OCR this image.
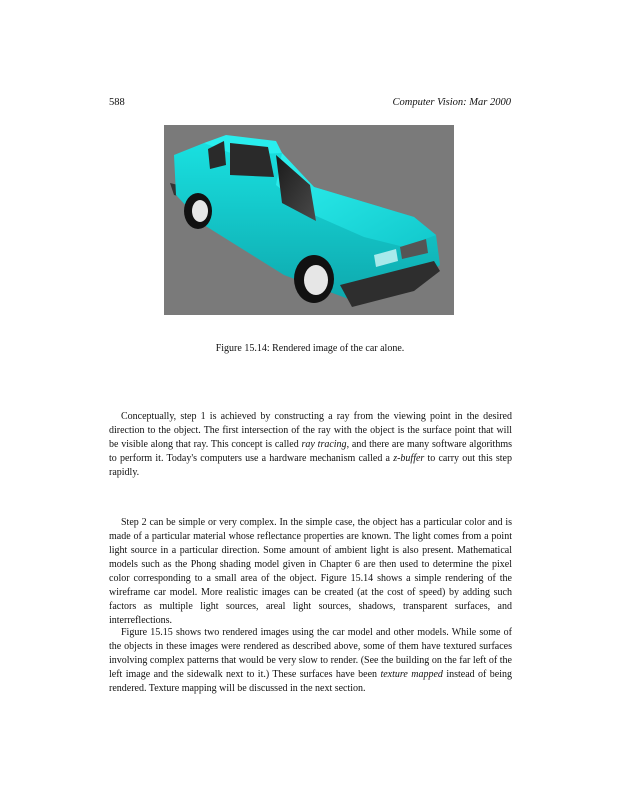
588	Computer Vision: Mar 2000
Figure 15.14: Rendered image of the car alone.

Conceptually, step 1 is achieved by constructing a ray from the viewing point in the desired direction to the object. The first intersection of the ray with the object is the surface point that will be visible along that ray. This concept is called ray tracing, and there are many software algorithms to perform it. Today's computers use a hardware mechanism called a z-buffer to carry out this step rapidly.

Step 2 can be simple or very complex. In the simple case, the object has a particular color and is made of a particular material whose reflectance properties are known. The light comes from a point light source in a particular direction. Some amount of ambient light is also present. Mathematical models such as the Phong shading model given in Chapter 6 are then used to determine the pixel color corresponding to a small area of the object. Figure 15.14 shows a simple rendering of the wireframe car model. More realistic images can be created (at the cost of speed) by adding such factors as multiple light sources, areal light sources, shadows, transparent surfaces, and interreflections.

Figure 15.15 shows two rendered images using the car model and other models. While some of the objects in these images were rendered as described above, some of them have textured surfaces involving complex patterns that would be very slow to render. (See the building on the far left of the left image and the sidewalk next to it.) These surfaces have been texture mapped instead of being rendered. Texture mapping will be discussed in the next section.
